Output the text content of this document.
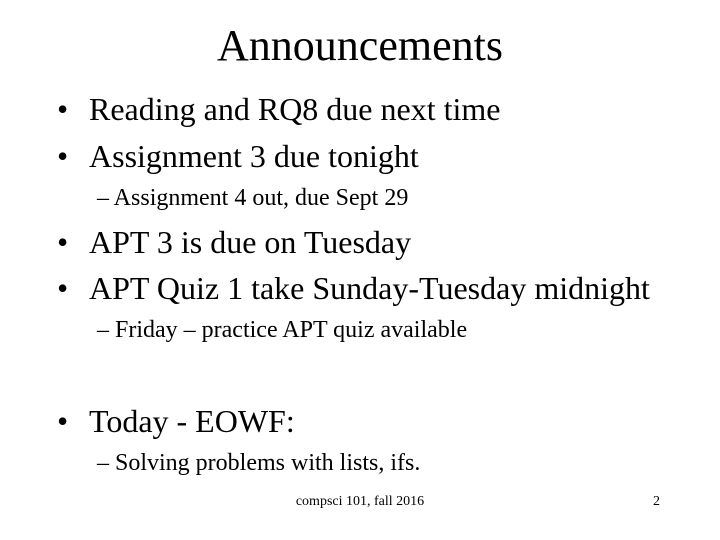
Announcements
• Reading and RQ8 due next time
• Assignment 3 due tonight
– Assignment 4 out, due Sept 29
• APT 3 is due on Tuesday
• APT Quiz 1 take Sunday-Tuesday midnight
– Friday – practice APT quiz available
• Today - EOWF:
– Solving problems with lists, ifs.
compsci 101, fall 2016	2
